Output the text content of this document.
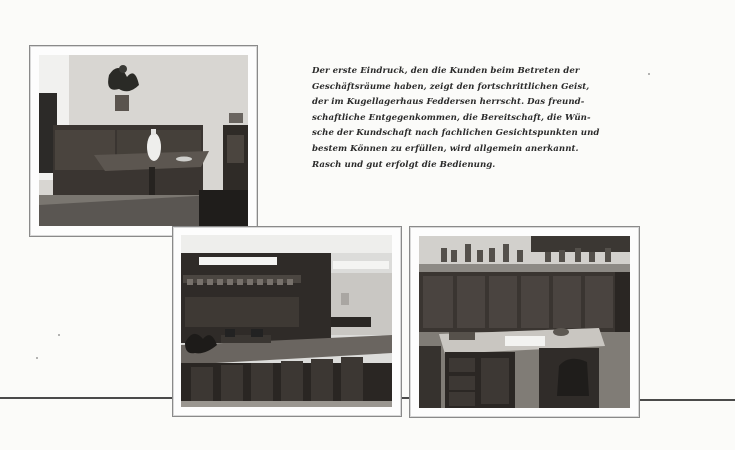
Der erste Eindruck, den die Kunden beim Betreten der
Geschäftsräume haben, zeigt den fortschrittlichen Geist,
der im Kugellagerhaus Feddersen herrscht. Das freund-
schaftliche Entgegenkommen, die Bereitschaft, die Wün-
sche der Kundschaft nach fachlichen Gesichtspunkten und
bestem Können zu erfüllen, wird allgemein anerkannt.
Rasch und gut erfolgt die Bedienung.
